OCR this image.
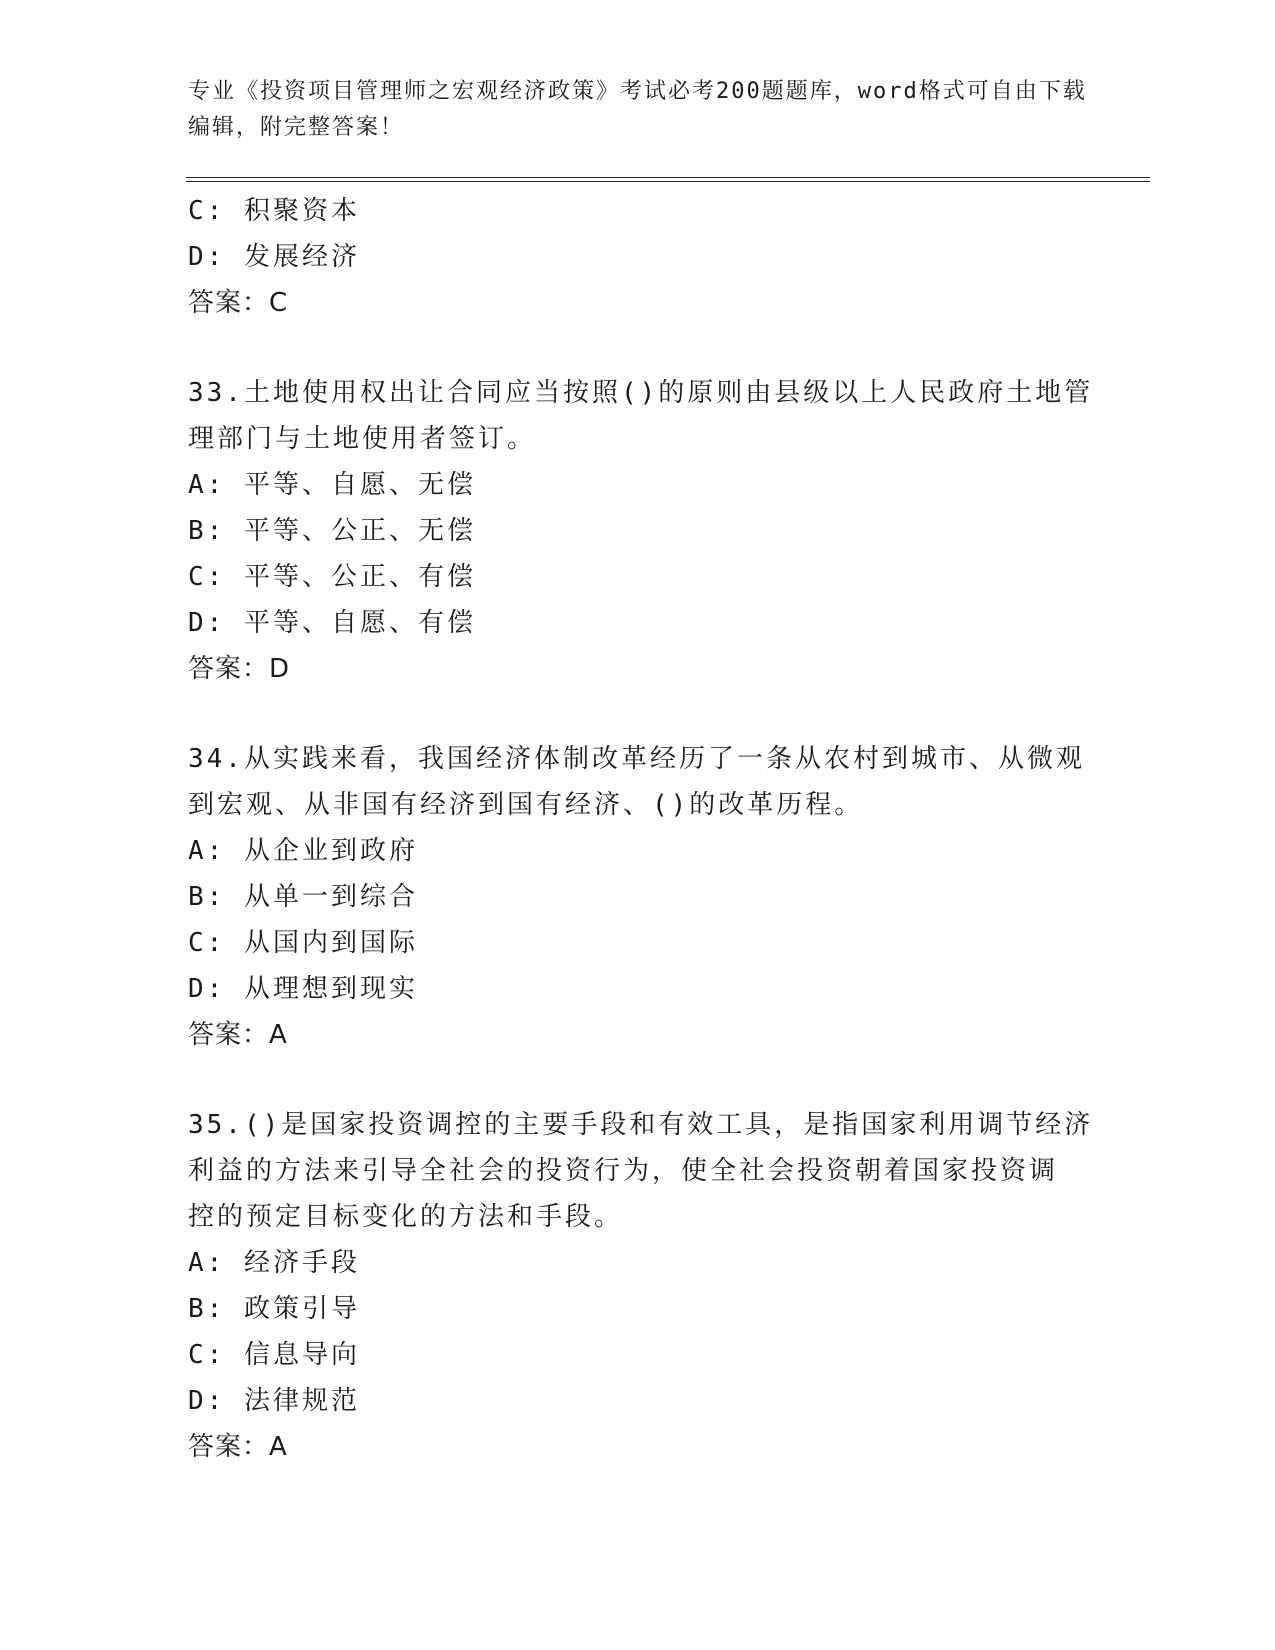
专业《投资项目管理师之宏观经济政策》考试必考200题题库，word格式可自由下载编辑，附完整答案！
C: 积聚资本
D: 发展经济
答案：C
33.土地使用权出让合同应当按照()的原则由县级以上人民政府土地管
理部门与土地使用者签订。
A: 平等、自愿、无偿
B: 平等、公正、无偿
C: 平等、公正、有偿
D: 平等、自愿、有偿
答案：D
34.从实践来看，我国经济体制改革经历了一条从农村到城市、从微观
到宏观、从非国有经济到国有经济、()的改革历程。
A: 从企业到政府
B: 从单一到综合
C: 从国内到国际
D: 从理想到现实
答案：A
35.()是国家投资调控的主要手段和有效工具，是指国家利用调节经济
利益的方法来引导全社会的投资行为，使全社会投资朝着国家投资调
控的预定目标变化的方法和手段。
A: 经济手段
B: 政策引导
C: 信息导向
D: 法律规范
答案：A
